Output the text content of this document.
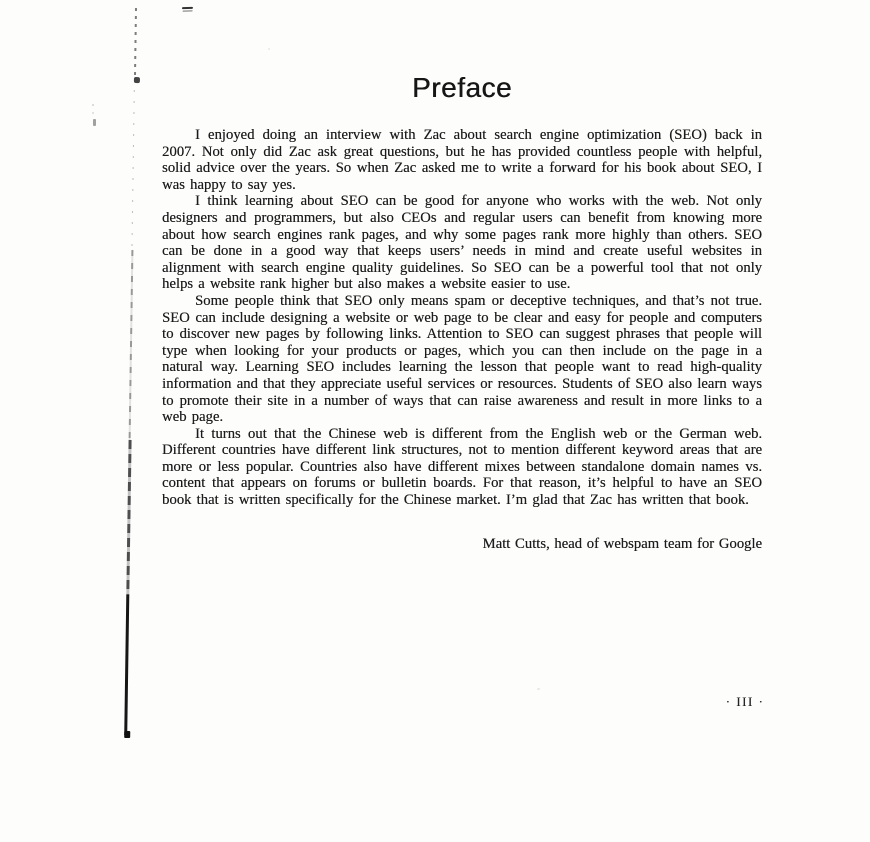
Preface

I enjoyed doing an interview with Zac about search engine optimization (SEO) back in 2007. Not only did Zac ask great questions, but he has provided countless people with helpful, solid advice over the years. So when Zac asked me to write a forward for his book about SEO, I was happy to say yes.

I think learning about SEO can be good for anyone who works with the web. Not only designers and programmers, but also CEOs and regular users can benefit from knowing more about how search engines rank pages, and why some pages rank more highly than others. SEO can be done in a good way that keeps users’ needs in mind and create useful websites in alignment with search engine quality guidelines. So SEO can be a powerful tool that not only helps a website rank higher but also makes a website easier to use.

Some people think that SEO only means spam or deceptive techniques, and that’s not true. SEO can include designing a website or web page to be clear and easy for people and computers to discover new pages by following links. Attention to SEO can suggest phrases that people will type when looking for your products or pages, which you can then include on the page in a natural way. Learning SEO includes learning the lesson that people want to read high-quality information and that they appreciate useful services or resources. Students of SEO also learn ways to promote their site in a number of ways that can raise awareness and result in more links to a web page.

It turns out that the Chinese web is different from the English web or the German web. Different countries have different link structures, not to mention different keyword areas that are more or less popular. Countries also have different mixes between standalone domain names vs. content that appears on forums or bulletin boards. For that reason, it’s helpful to have an SEO book that is written specifically for the Chinese market. I’m glad that Zac has written that book.

Matt Cutts, head of webspam team for Google
· III ·
